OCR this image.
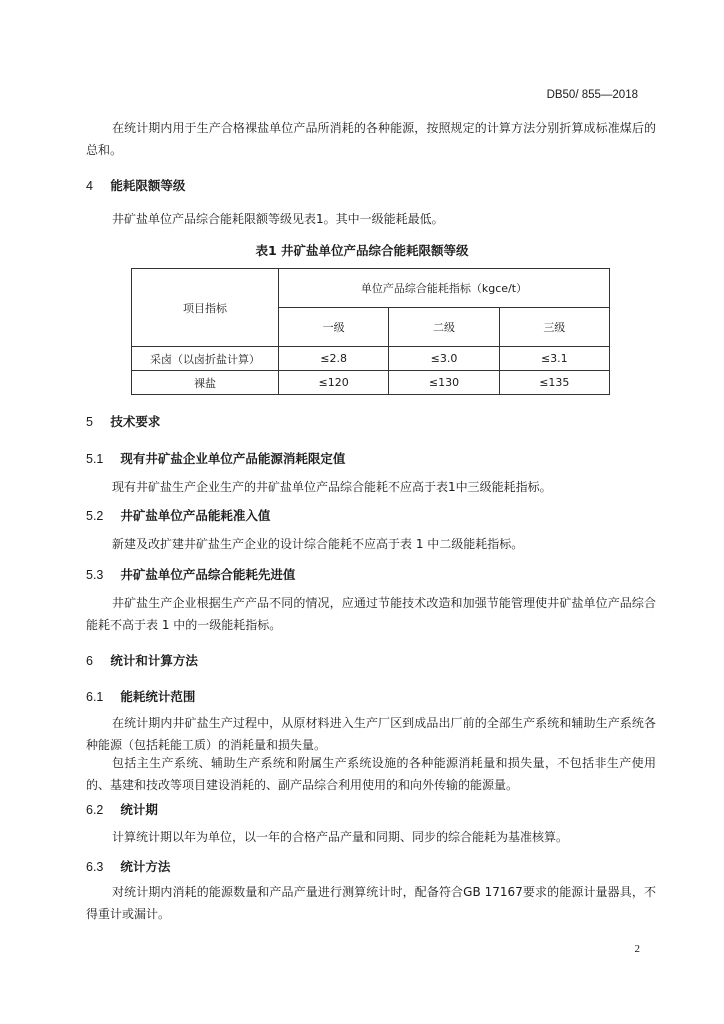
DB50/ 855—2018

在统计期内用于生产合格裸盐单位产品所消耗的各种能源，按照规定的计算方法分别折算成标准煤后的总和。

4 能耗限额等级

井矿盐单位产品综合能耗限额等级见表1。其中一级能耗最低。

表1 井矿盐单位产品综合能耗限额等级

项目指标	单位产品综合能耗指标（kgce/t）		
	一级	二级	三级
采卤（以卤折盐计算）	≤2.8	≤3.0	≤3.1
裸盐	≤120	≤130	≤135
5 技术要求
5.1 现有井矿盐企业单位产品能源消耗限定值

现有井矿盐生产企业生产的井矿盐单位产品综合能耗不应高于表1中三级能耗指标。

5.2 井矿盐单位产品能耗准入值

新建及改扩建井矿盐生产企业的设计综合能耗不应高于表 1 中二级能耗指标。

5.3 井矿盐单位产品综合能耗先进值

井矿盐生产企业根据生产产品不同的情况，应通过节能技术改造和加强节能管理使井矿盐单位产品综合能耗不高于表 1 中的一级能耗指标。

6 统计和计算方法
6.1 能耗统计范围

在统计期内井矿盐生产过程中，从原材料进入生产厂区到成品出厂前的全部生产系统和辅助生产系统各种能源（包括耗能工质）的消耗量和损失量。

包括主生产系统、辅助生产系统和附属生产系统设施的各种能源消耗量和损失量，不包括非生产使用的、基建和技改等项目建设消耗的、副产品综合利用使用的和向外传输的能源量。

6.2 统计期

计算统计期以年为单位，以一年的合格产品产量和同期、同步的综合能耗为基准核算。

6.3 统计方法

对统计期内消耗的能源数量和产品产量进行测算统计时，配备符合GB 17167要求的能源计量器具，不得重计或漏计。

2
